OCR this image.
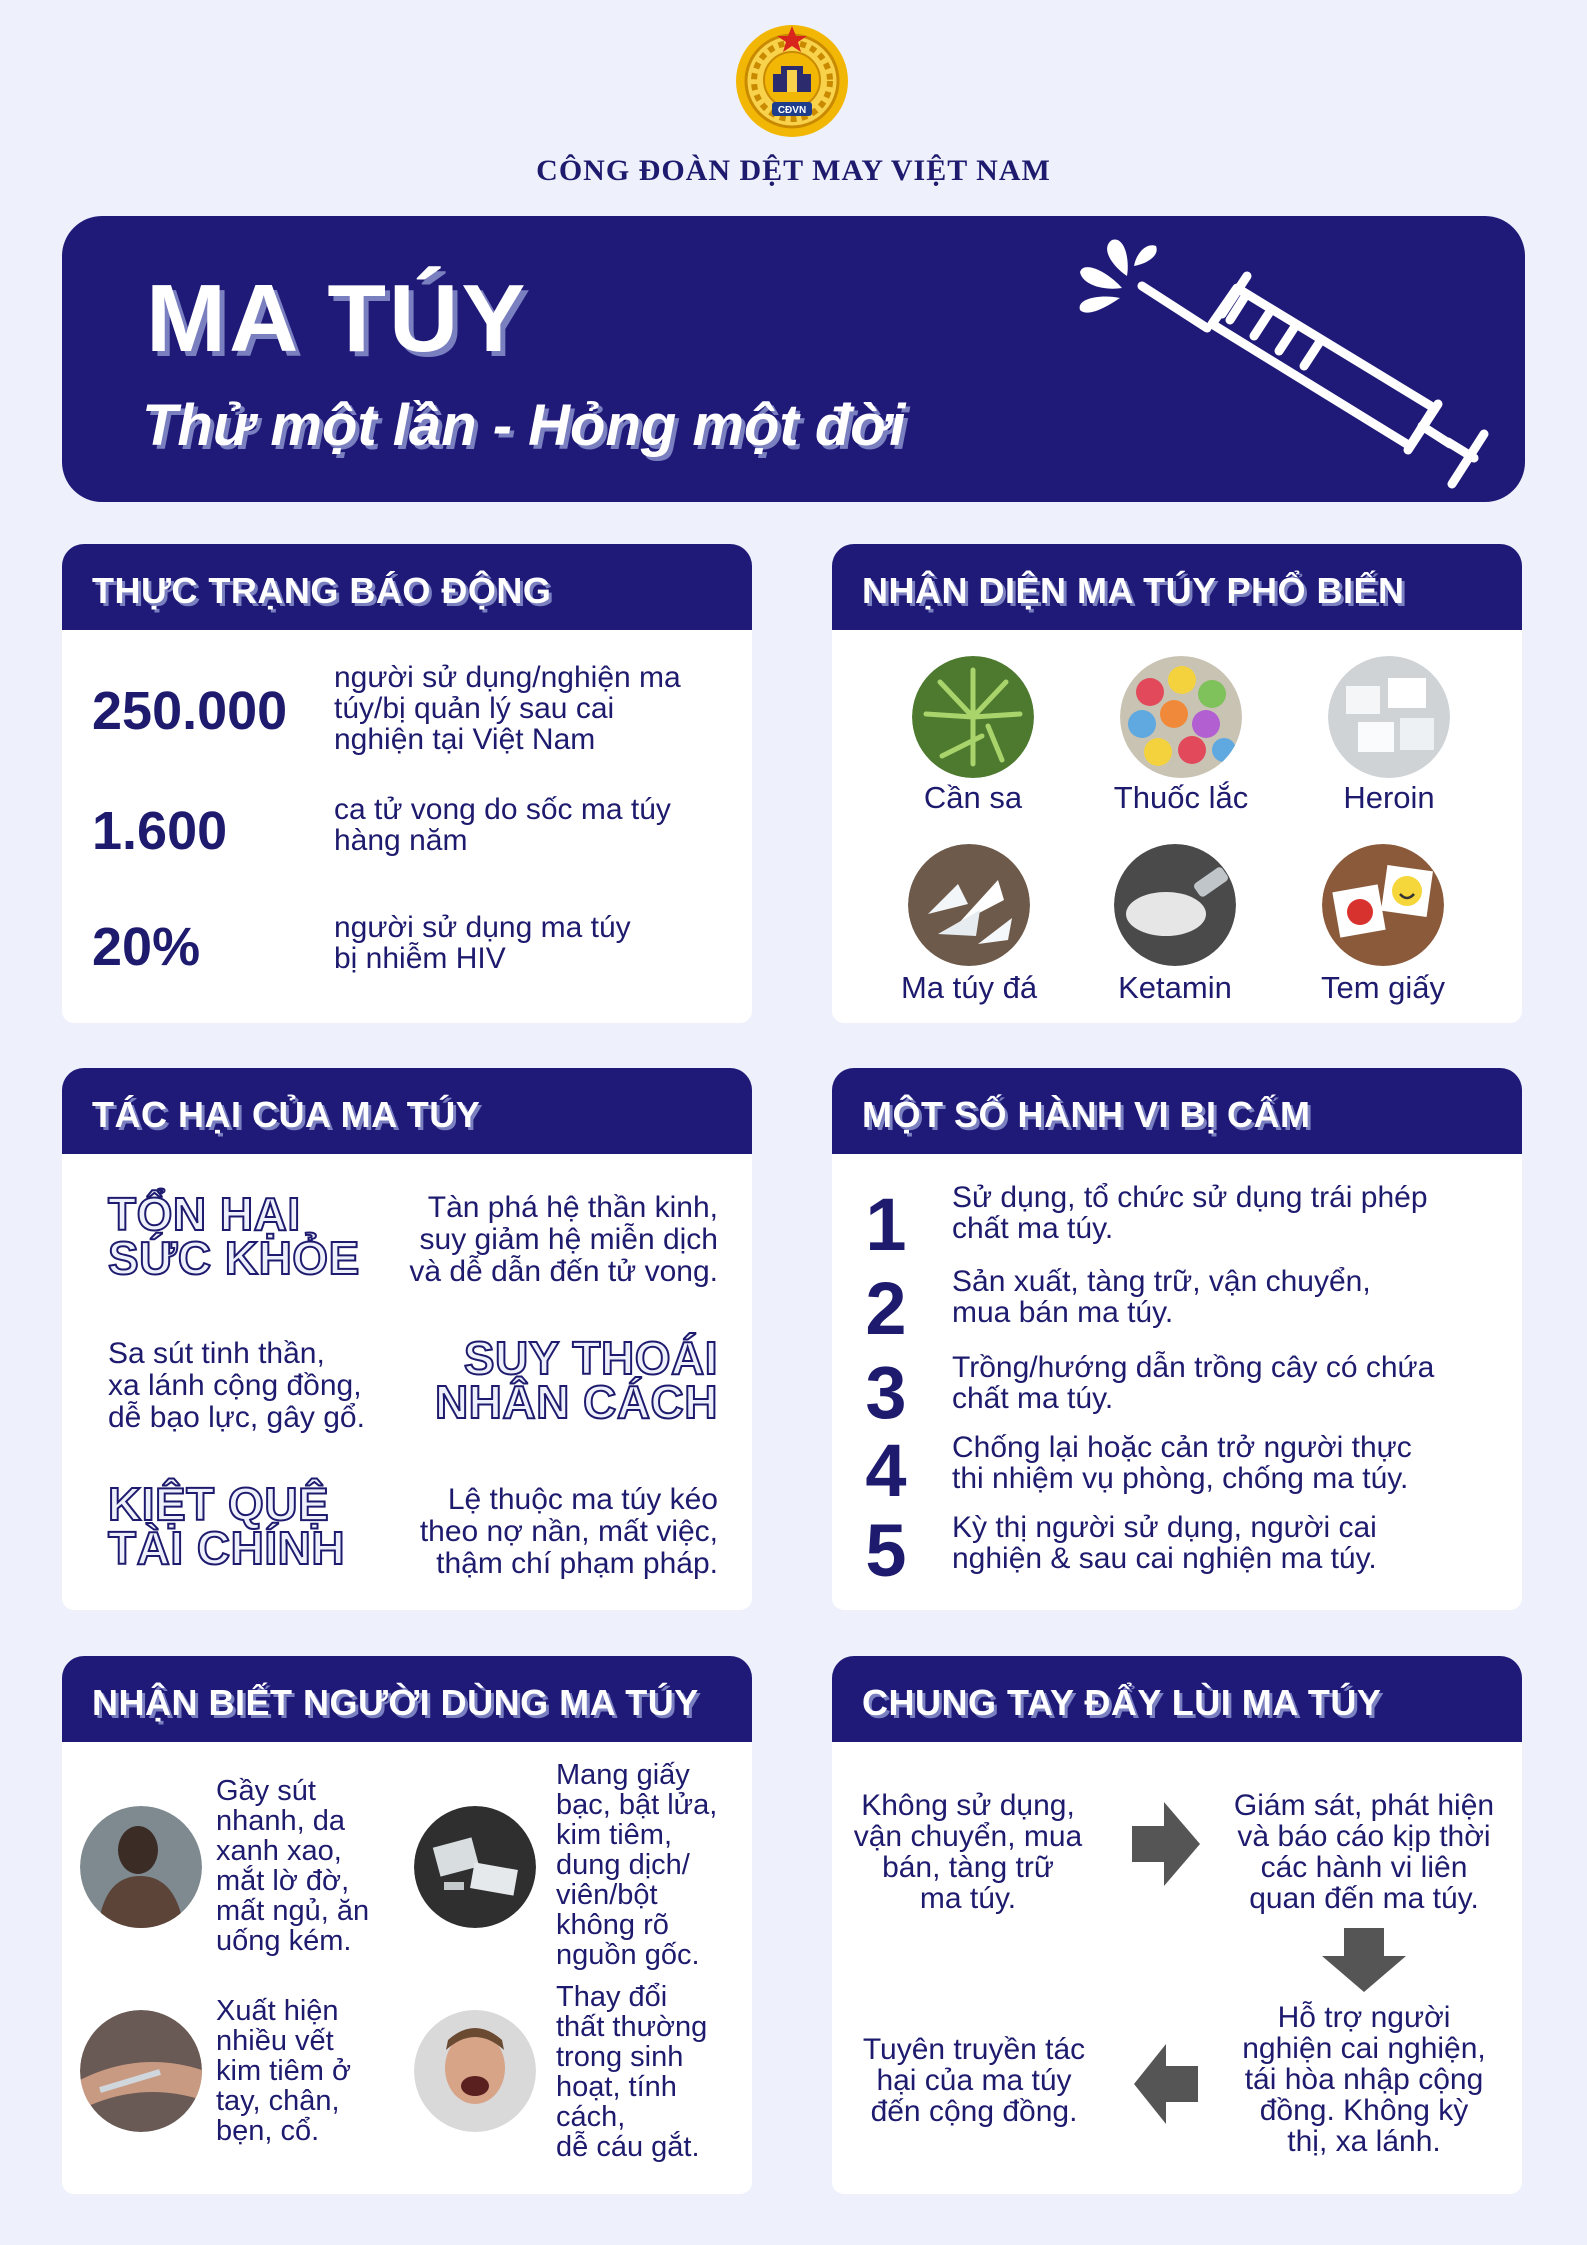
CĐVN
CÔNG ĐOÀN DỆT MAY VIỆT NAM
MA TÚY
Thử một lần - Hỏng một đời
THỰC TRẠNG BÁO ĐỘNG
250.000
người sử dụng/nghiện ma
túy/bị quản lý sau cai
nghiện tại Việt Nam
1.600	ca tử vong do sốc ma túy
hàng năm
20%	người sử dụng ma túy
bị nhiễm HIV
NHẬN DIỆN MA TÚY PHỔ BIẾN
Cần sa	Thuốc lắc	Heroin
Ma túy đá	Ketamin	Tem giấy
TÁC HẠI CỦA MA TÚY
TỔN HẠI
SỨC KHỎE
Tàn phá hệ thần kinh,
suy giảm hệ miễn dịch
và dễ dẫn đến tử vong.
Sa sút tinh thần,
xa lánh cộng đồng,
dễ bạo lực, gây gổ.
SUY THOÁI
NHÂN CÁCH
KIỆT QUỆ
TÀI CHÍNH
Lệ thuộc ma túy kéo
theo nợ nần, mất việc,
thậm chí phạm pháp.
MỘT SỐ HÀNH VI BỊ CẤM
1	Sử dụng, tổ chức sử dụng trái phép
chất ma túy.
2	Sản xuất, tàng trữ, vận chuyển,
mua bán ma túy.
3	Trồng/hướng dẫn trồng cây có chứa
chất ma túy.
4	Chống lại hoặc cản trở người thực
thi nhiệm vụ phòng, chống ma túy.
5	Kỳ thị người sử dụng, người cai
nghiện & sau cai nghiện ma túy.
NHẬN BIẾT NGƯỜI DÙNG MA TÚY
Gầy sút
nhanh, da
xanh xao,
mắt lờ đờ,
mất ngủ, ăn
uống kém.
Mang giấy
bạc, bật lửa,
kim tiêm,
dung dịch/
viên/bột
không rõ
nguồn gốc.
Xuất hiện
nhiều vết
kim tiêm ở
tay, chân,
bẹn, cổ.
Thay đổi
thất thường
trong sinh
hoạt, tính
cách,
dễ cáu gắt.
CHUNG TAY ĐẨY LÙI MA TÚY
Không sử dụng,
vận chuyển, mua
bán, tàng trữ
ma túy.
Giám sát, phát hiện
và báo cáo kịp thời
các hành vi liên
quan đến ma túy.
Hỗ trợ người
nghiện cai nghiện,
tái hòa nhập cộng
đồng. Không kỳ
thị, xa lánh.
Tuyên truyền tác
hại của ma túy
đến cộng đồng.
